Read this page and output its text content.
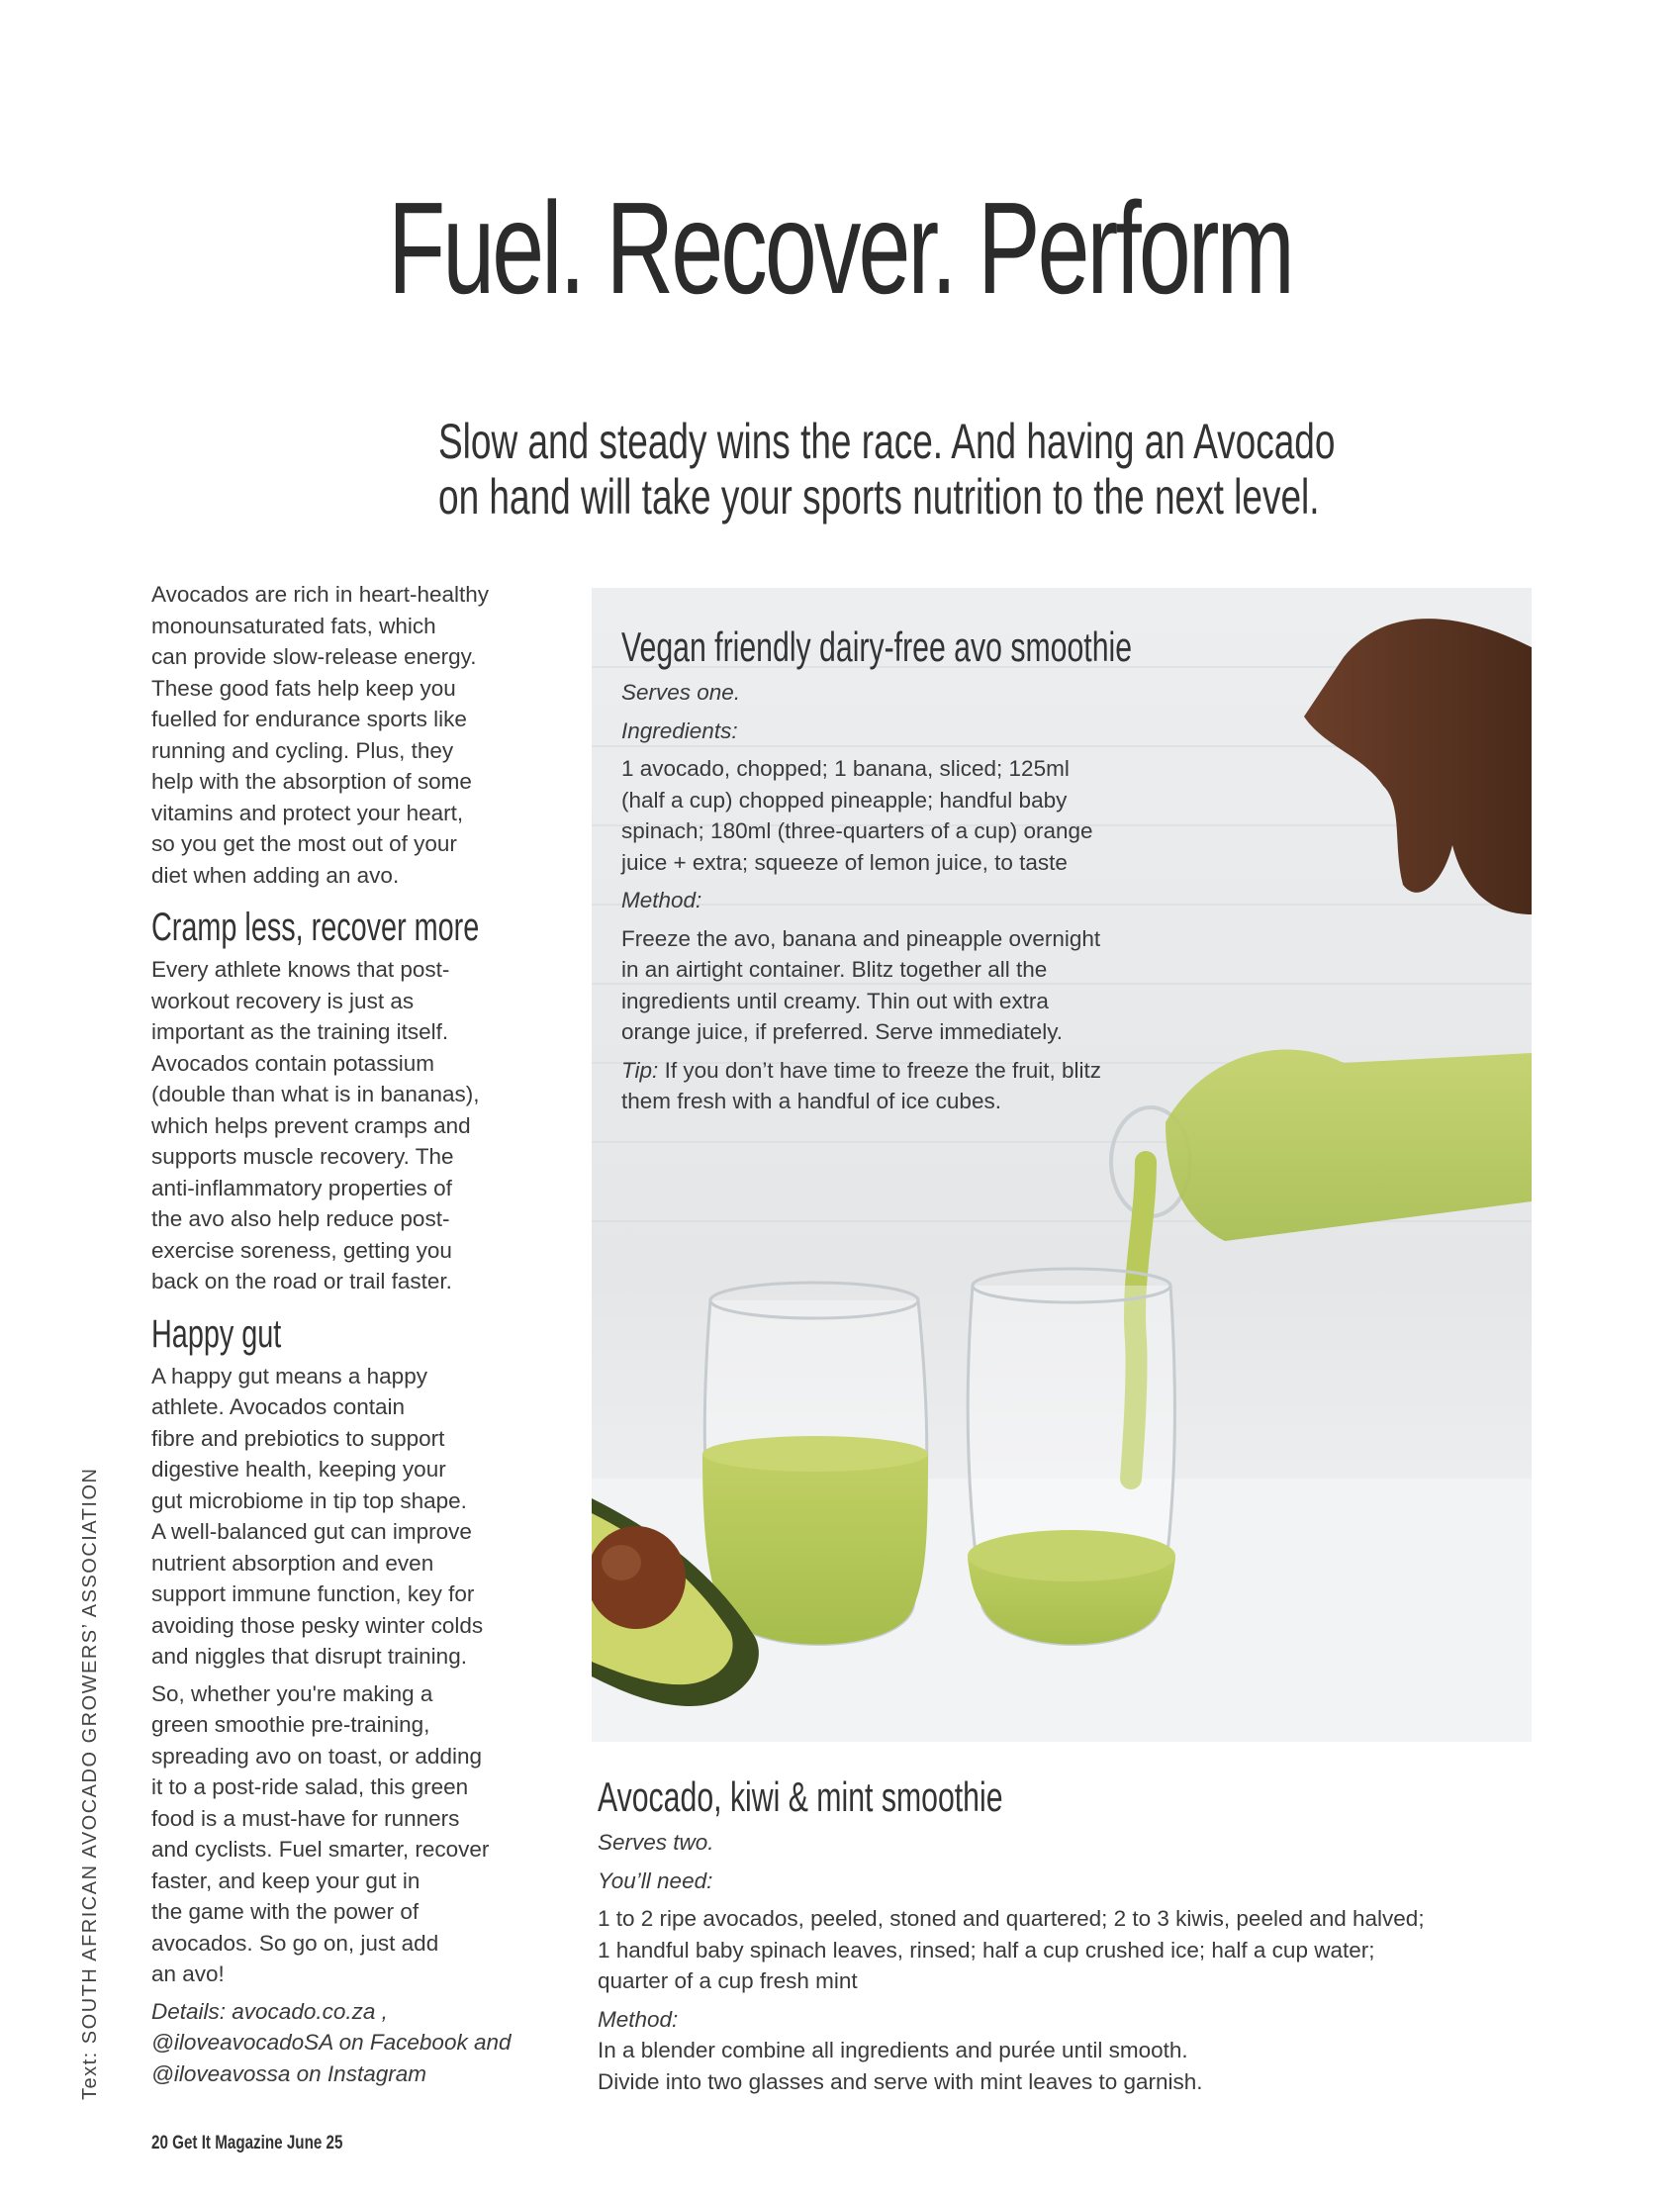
Fuel. Recover. Perform
Slow and steady wins the race. And having an Avocado
on hand will take your sports nutrition to the next level.

Avocados are rich in heart-healthy
monounsaturated fats, which
can provide slow-release energy.
These good fats help keep you
fuelled for endurance sports like
running and cycling. Plus, they
help with the absorption of some
vitamins and protect your heart,
so you get the most out of your
diet when adding an avo.

Cramp less, recover more

Every athlete knows that post-
workout recovery is just as
important as the training itself.
Avocados contain potassium
(double than what is in bananas),
which helps prevent cramps and
supports muscle recovery. The
anti-inflammatory properties of
the avo also help reduce post-
exercise soreness, getting you
back on the road or trail faster.

Happy gut

A happy gut means a happy
athlete. Avocados contain
fibre and prebiotics to support
digestive health, keeping your
gut microbiome in tip top shape.
A well-balanced gut can improve
nutrient absorption and even
support immune function, key for
avoiding those pesky winter colds
and niggles that disrupt training.

So, whether you're making a
green smoothie pre-training,
spreading avo on toast, or adding
it to a post-ride salad, this green
food is a must-have for runners
and cyclists. Fuel smarter, recover
faster, and keep your gut in
the game with the power of
avocados. So go on, just add
an avo!

Details: avocado.co.za ,
@iloveavocadoSA on Facebook and
@iloveavossa on Instagram

Text: SOUTH AFRICAN AVOCADO GROWERS’ ASSOCIATION
Vegan friendly dairy-free avo smoothie

Serves one.

Ingredients:

1 avocado, chopped; 1 banana, sliced; 125ml
(half a cup) chopped pineapple; handful baby
spinach; 180ml (three-quarters of a cup) orange
juice + extra; squeeze of lemon juice, to taste

Method:

Freeze the avo, banana and pineapple overnight
in an airtight container. Blitz together all the
ingredients until creamy. Thin out with extra
orange juice, if preferred. Serve immediately.

Tip: If you don’t have time to freeze the fruit, blitz
them fresh with a handful of ice cubes.

Avocado, kiwi & mint smoothie

Serves two.

You’ll need:

1 to 2 ripe avocados, peeled, stoned and quartered; 2 to 3 kiwis, peeled and halved;
1 handful baby spinach leaves, rinsed; half a cup crushed ice; half a cup water;
quarter of a cup fresh mint

Method:

In a blender combine all ingredients and purée until smooth.
Divide into two glasses and serve with mint leaves to garnish.

20 Get It Magazine June 25
